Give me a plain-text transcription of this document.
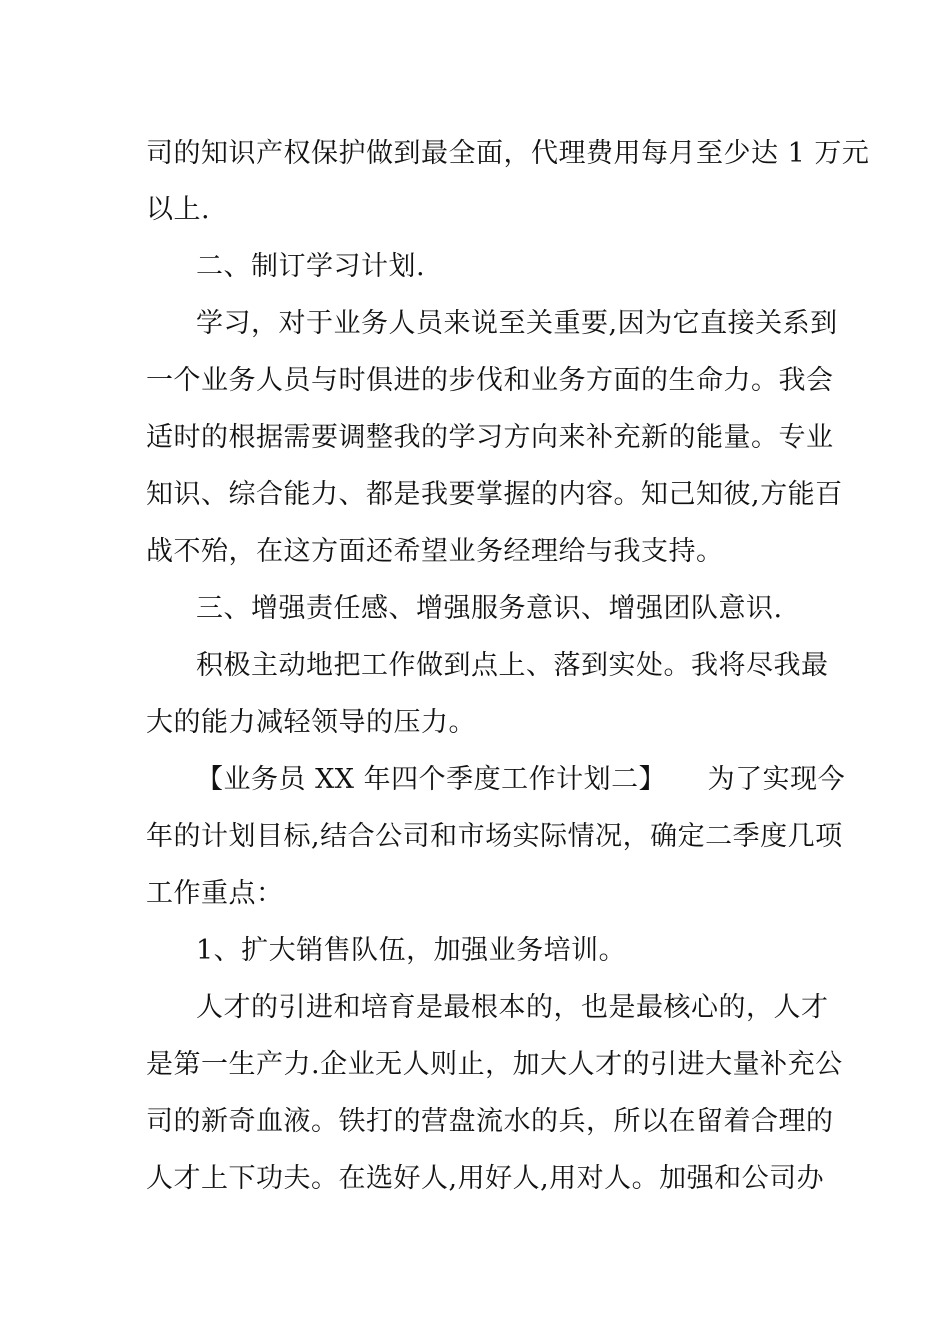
司的知识产权保护做到最全面，代理费用每月至少达 1 万元
以上.
二、制订学习计划.
学习，对于业务人员来说至关重要,因为它直接关系到
一个业务人员与时俱进的步伐和业务方面的生命力。我会
适时的根据需要调整我的学习方向来补充新的能量。专业
知识、综合能力、都是我要掌握的内容。知己知彼,方能百
战不殆，在这方面还希望业务经理给与我支持。
三、增强责任感、增强服务意识、增强团队意识.
积极主动地把工作做到点上、落到实处。我将尽我最
大的能力减轻领导的压力。
【业务员 XX 年四个季度工作计划二】　　为了实现今
年的计划目标,结合公司和市场实际情况，确定二季度几项
工作重点：
1、扩大销售队伍，加强业务培训。
人才的引进和培育是最根本的，也是最核心的，人才
是第一生产力.企业无人则止，加大人才的引进大量补充公
司的新奇血液。铁打的营盘流水的兵，所以在留着合理的
人才上下功夫。在选好人,用好人,用对人。加强和公司办
